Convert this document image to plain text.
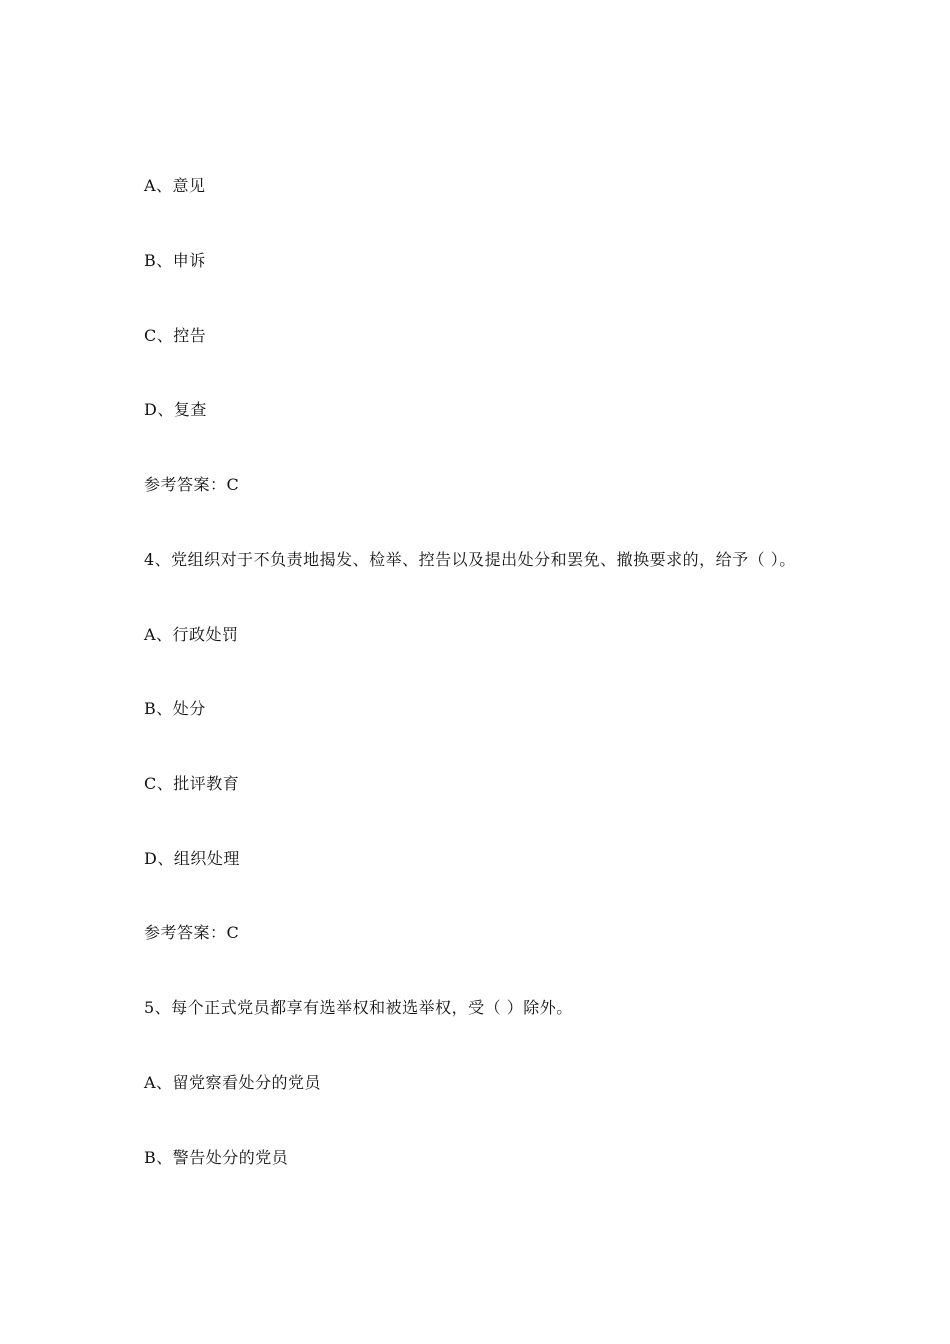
A、意见
B、申诉
C、控告
D、复查
参考答案：C
4、党组织对于不负责地揭发、检举、控告以及提出处分和罢免、撤换要求的，给予（ ）。
A、行政处罚
B、处分
C、批评教育
D、组织处理
参考答案：C
5、每个正式党员都享有选举权和被选举权，受（ ）除外。
A、留党察看处分的党员
B、警告处分的党员
